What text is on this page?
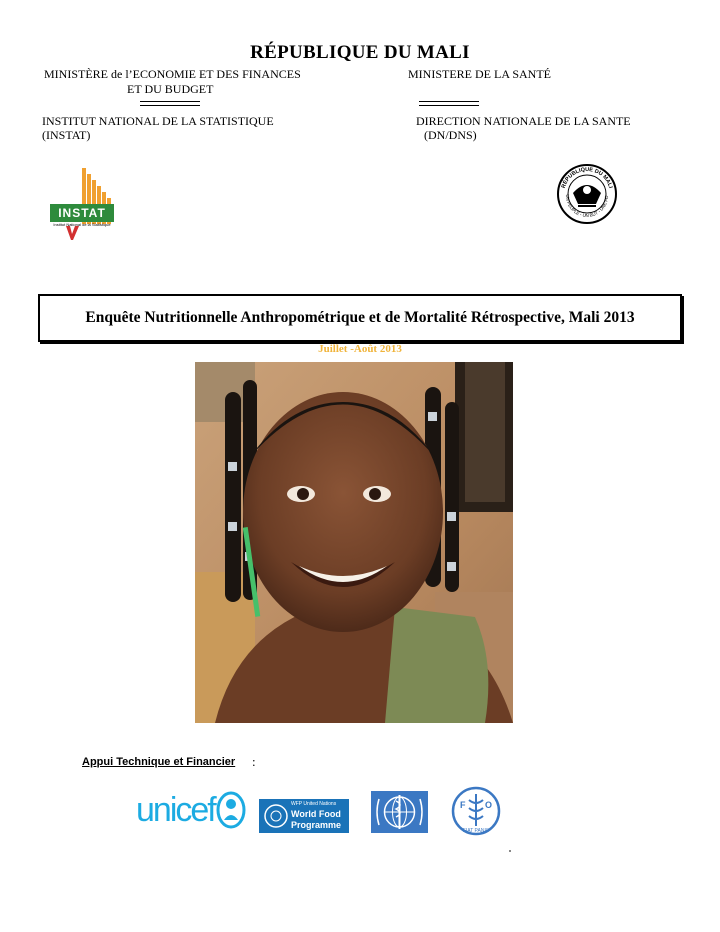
RÉPUBLIQUE DU MALI
MINISTÈRE de l’ECONOMIE ET DES FINANCES
ET DU BUDGET
MINISTERE DE LA SANTÉ
INSTITUT NATIONAL DE LA STATISTIQUE
(INSTAT)
DIRECTION NATIONALE DE LA SANTE
(DN/DNS)
INSTAT
Institut National de la Statistique
RÉPUBLIQUE DU MALI
UN PEUPLE - UN BUT - UNE FO
Enquête Nutritionnelle Anthropométrique et de Mortalité Rétrospective, Mali 2013
Juillet -Août 2013
Appui Technique et Financier :
unicef	WFP United Nations
World Food
Programme
F O
FIAT PANIS
